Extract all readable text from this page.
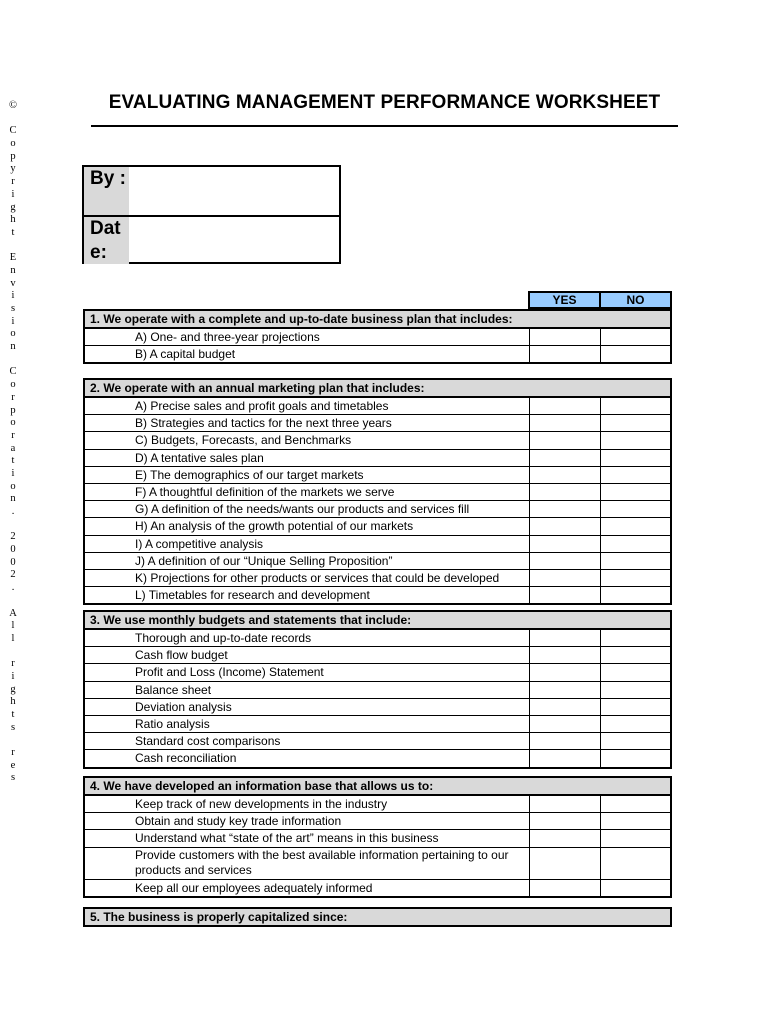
©
C
o
p
y
r
i
g
h
t
E
n
v
i
s
i
o
n
C
o
r
p
o
r
a
t
i
o
n
.
2
0
0
2
.
A
l
l
r
i
g
h
t
s
r
e
s
EVALUATING MANAGEMENT PERFORMANCE WORKSHEET
By :
Date:
YES	NO
1. We operate with a complete and up-to-date business plan that includes:
A) One- and three-year projections
B) A capital budget
2. We operate with an annual marketing plan that includes:
A) Precise sales and profit goals and timetables
B) Strategies and tactics for the next three years
C) Budgets, Forecasts, and Benchmarks
D) A tentative sales plan
E) The demographics of our target markets
F) A thoughtful definition of the markets we serve
G) A definition of the needs/wants our products and services fill
H) An analysis of the growth potential of our markets
I) A competitive analysis
J) A definition of our “Unique Selling Proposition”
K) Projections for other products or services that could be developed
L) Timetables for research and development
3. We use monthly budgets and statements that include:
Thorough and up-to-date records
Cash flow budget
Profit and Loss (Income) Statement
Balance sheet
Deviation analysis
Ratio analysis
Standard cost comparisons
Cash reconciliation
4. We have developed an information base that allows us to:
Keep track of new developments in the industry
Obtain and study key trade information
Understand what “state of the art” means in this business
Provide customers with the best available information pertaining to our products and services
Keep all our employees adequately informed
5. The business is properly capitalized since:
